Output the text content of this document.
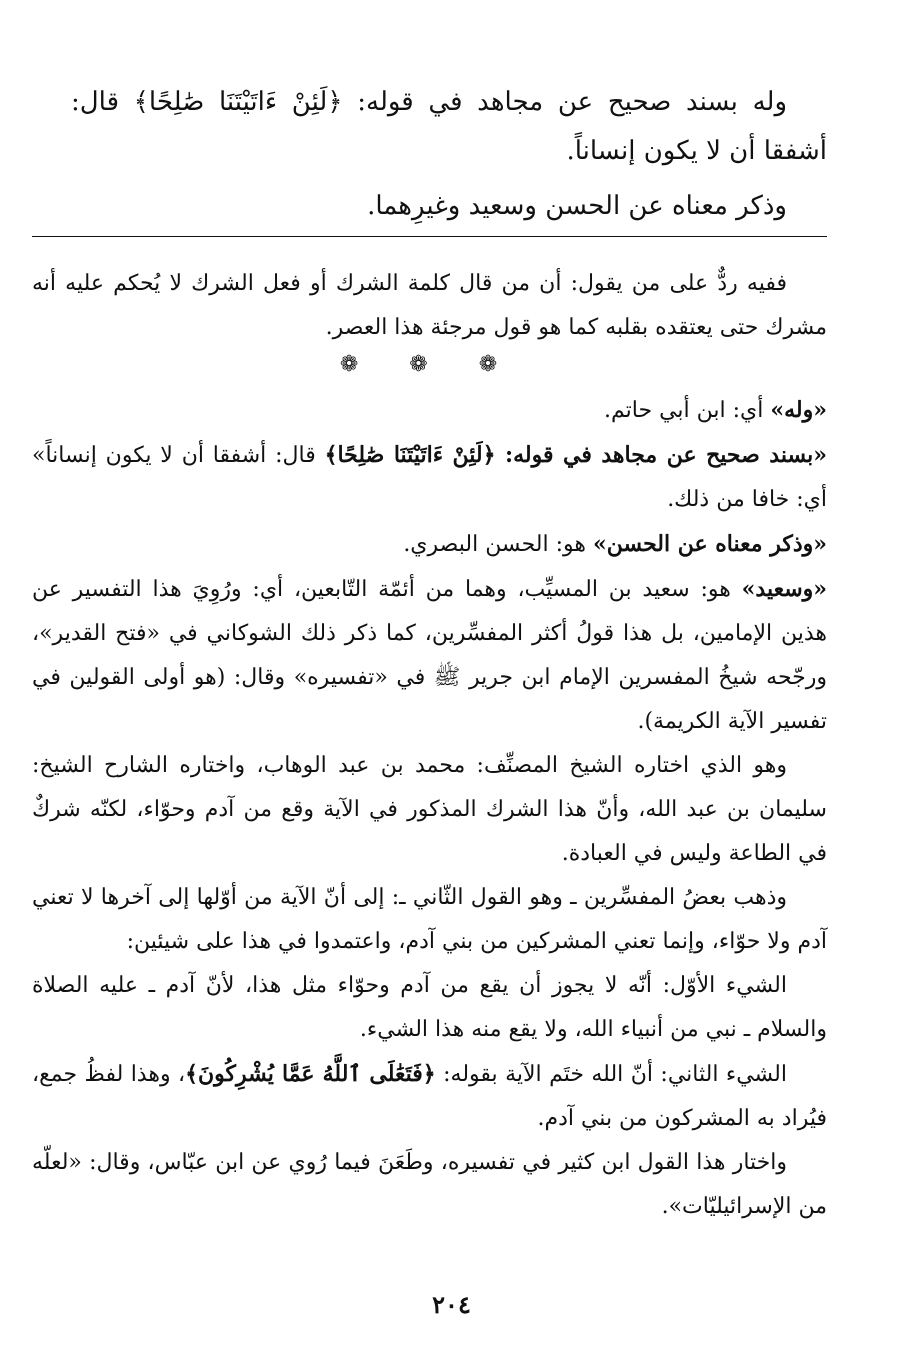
وله بسند صحيح عن مجاهد في قوله: ﴿لَئِنْ ءَاتَيْتَنَا صَٰلِحًا﴾ قال: أشفقا أن لا يكون إنساناً.

وذكر معناه عن الحسن وسعيد وغيرِهما.

ففيه ردٌّ على من يقول: أن من قال كلمة الشرك أو فعل الشرك لا يُحكم عليه أنه مشرك حتى يعتقده بقلبه كما هو قول مرجئة هذا العصر.

❁ ❁ ❁

«وله» أي: ابن أبي حاتم.

«بسند صحيح عن مجاهد في قوله: ﴿لَئِنْ ءَاتَيْتَنَا صَٰلِحًا﴾ قال: أشفقا أن لا يكون إنساناً» أي: خافا من ذلك.

«وذكر معناه عن الحسن» هو: الحسن البصري.

«وسعيد» هو: سعيد بن المسيِّب، وهما من أئمّة التّابعين، أي: ورُوِيَ هذا التفسير عن هذين الإمامين، بل هذا قولُ أكثر المفسِّرين، كما ذكر ذلك الشوكاني في «فتح القدير»، ورجّحه شيخُ المفسرين الإمام ابن جرير ﷺ في «تفسيره» وقال: (هو أولى القولين في تفسير الآية الكريمة).

وهو الذي اختاره الشيخ المصنِّف: محمد بن عبد الوهاب، واختاره الشارح الشيخ: سليمان بن عبد الله، وأنّ هذا الشرك المذكور في الآية وقع من آدم وحوّاء، لكنّه شركٌ في الطاعة وليس في العبادة.

وذهب بعضُ المفسِّرين ـ وهو القول الثّاني ـ: إلى أنّ الآية من أوّلها إلى آخرها لا تعني آدم ولا حوّاء، وإنما تعني المشركين من بني آدم، واعتمدوا في هذا على شيئين:

الشيء الأوّل: أنّه لا يجوز أن يقع من آدم وحوّاء مثل هذا، لأنّ آدم ـ عليه الصلاة والسلام ـ نبي من أنبياء الله، ولا يقع منه هذا الشيء.

الشيء الثاني: أنّ الله ختَم الآية بقوله: ﴿فَتَعَٰلَى ٱللَّهُ عَمَّا يُشْرِكُونَ﴾، وهذا لفظُ جمع، فيُراد به المشركون من بني آدم.

واختار هذا القول ابن كثير في تفسيره، وطَعَنَ فيما رُوي عن ابن عبّاس، وقال: «لعلّه من الإسرائيليّات».

٢٠٤
